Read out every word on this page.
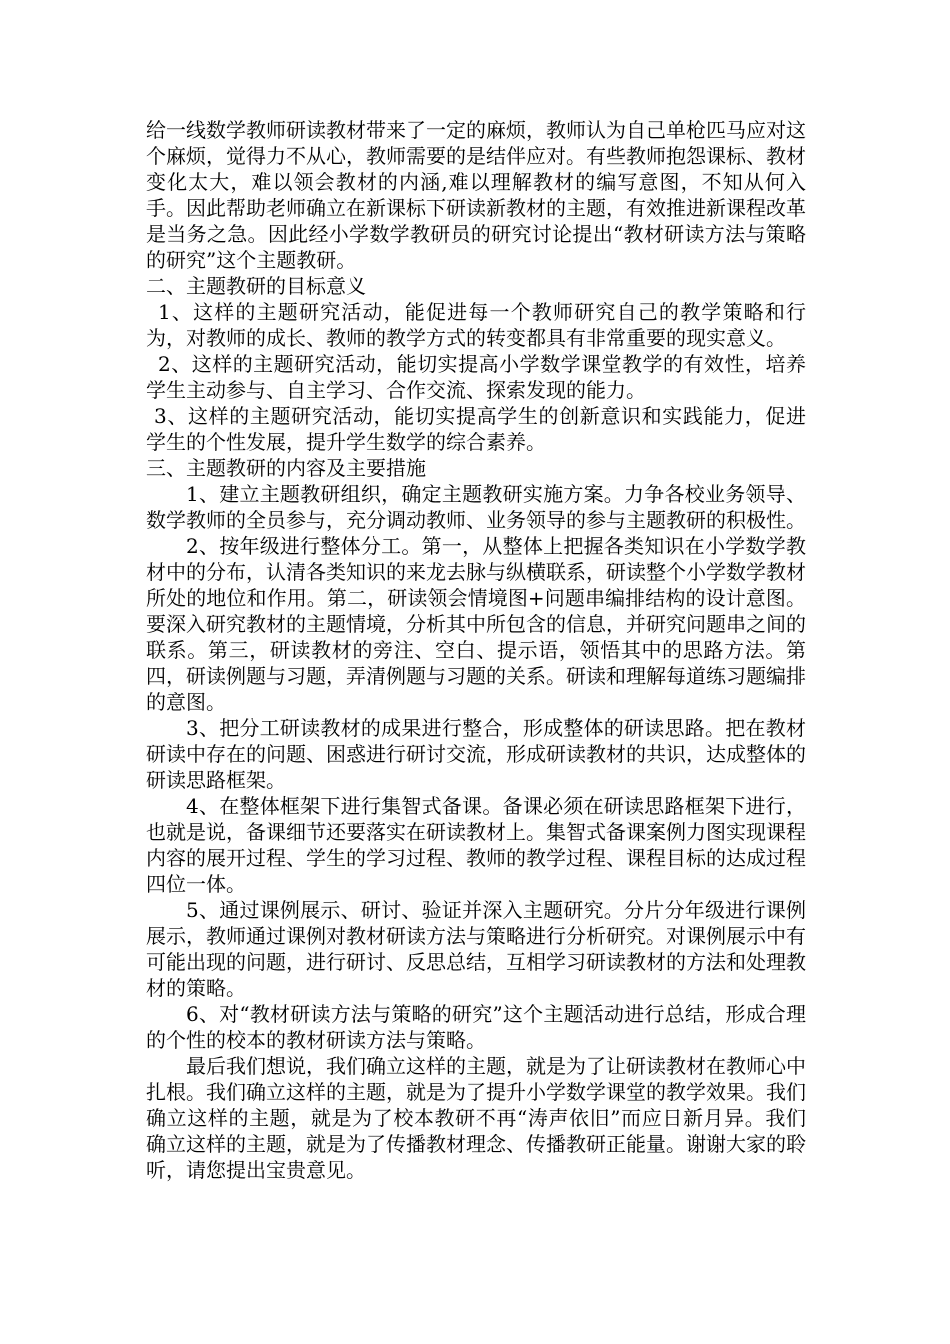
给一线数学教师研读教材带来了一定的麻烦，教师认为自己单枪匹马应对这个麻烦，觉得力不从心，教师需要的是结伴应对。有些教师抱怨课标、教材变化太大，难以领会教材的内涵,难以理解教材的编写意图，不知从何入手。因此帮助老师确立在新课标下研读新教材的主题，有效推进新课程改革是当务之急。因此经小学数学教研员的研究讨论提出“教材研读方法与策略的研究”这个主题教研。

二、主题教研的目标意义

1、这样的主题研究活动，能促进每一个教师研究自己的教学策略和行为，对教师的成长、教师的教学方式的转变都具有非常重要的现实意义。

2、这样的主题研究活动，能切实提高小学数学课堂教学的有效性，培养学生主动参与、自主学习、合作交流、探索发现的能力。

3、这样的主题研究活动，能切实提高学生的创新意识和实践能力，促进学生的个性发展，提升学生数学的综合素养。

三、主题教研的内容及主要措施

1、建立主题教研组织，确定主题教研实施方案。力争各校业务领导、数学教师的全员参与，充分调动教师、业务领导的参与主题教研的积极性。

2、按年级进行整体分工。第一，从整体上把握各类知识在小学数学教材中的分布，认清各类知识的来龙去脉与纵横联系，研读整个小学数学教材所处的地位和作用。第二，研读领会情境图+问题串编排结构的设计意图。要深入研究教材的主题情境，分析其中所包含的信息，并研究问题串之间的联系。第三，研读教材的旁注、空白、提示语，领悟其中的思路方法。第四，研读例题与习题，弄清例题与习题的关系。研读和理解每道练习题编排的意图。

3、把分工研读教材的成果进行整合，形成整体的研读思路。把在教材研读中存在的问题、困惑进行研讨交流，形成研读教材的共识，达成整体的研读思路框架。

4、在整体框架下进行集智式备课。备课必须在研读思路框架下进行，也就是说，备课细节还要落实在研读教材上。集智式备课案例力图实现课程内容的展开过程、学生的学习过程、教师的教学过程、课程目标的达成过程四位一体。

5、通过课例展示、研讨、验证并深入主题研究。分片分年级进行课例展示，教师通过课例对教材研读方法与策略进行分析研究。对课例展示中有可能出现的问题，进行研讨、反思总结，互相学习研读教材的方法和处理教材的策略。

6、对“教材研读方法与策略的研究”这个主题活动进行总结，形成合理的个性的校本的教材研读方法与策略。

最后我们想说，我们确立这样的主题，就是为了让研读教材在教师心中扎根。我们确立这样的主题，就是为了提升小学数学课堂的教学效果。我们确立这样的主题，就是为了校本教研不再“涛声依旧”而应日新月异。我们确立这样的主题，就是为了传播教材理念、传播教研正能量。谢谢大家的聆听，请您提出宝贵意见。
